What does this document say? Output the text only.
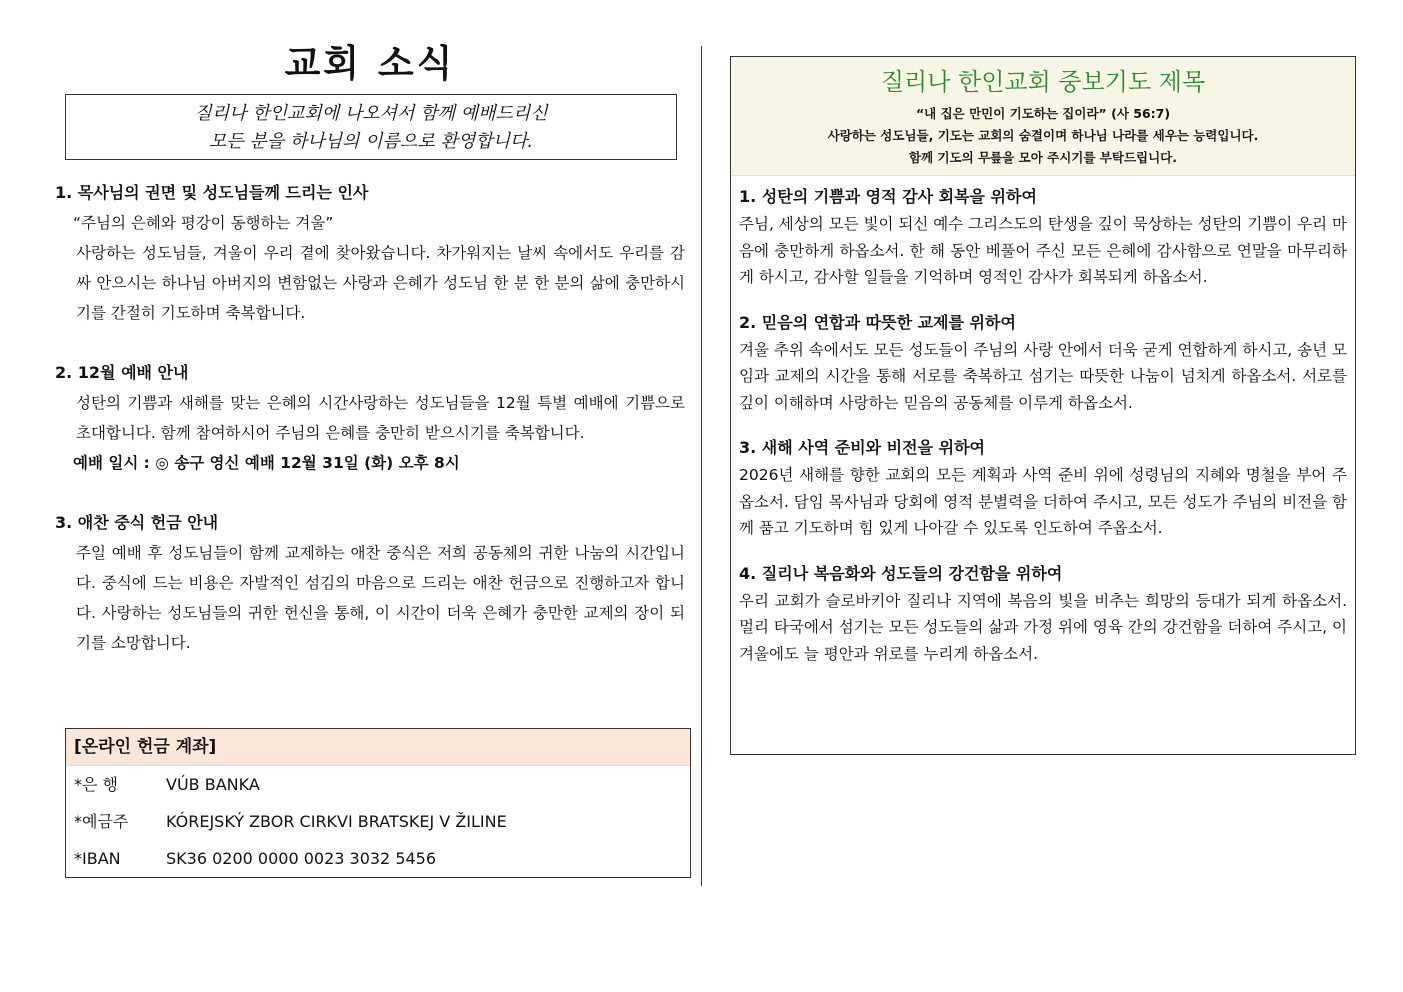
교회 소식
질리나 한인교회에 나오셔서 함께 예배드리신
모든 분을 하나님의 이름으로 환영합니다.
1. 목사님의 권면 및 성도님들께 드리는 인사
“주님의 은혜와 평강이 동행하는 겨울”
사랑하는 성도님들, 겨울이 우리 곁에 찾아왔습니다. 차가워지는 날씨 속에서도 우리를 감싸 안으시는 하나님 아버지의 변함없는 사랑과 은혜가 성도님 한 분 한 분의 삶에 충만하시기를 간절히 기도하며 축복합니다.
2. 12월 예배 안내
성탄의 기쁨과 새해를 맞는 은혜의 시간사랑하는 성도님들을 12월 특별 예배에 기쁨으로 초대합니다. 함께 참여하시어 주님의 은혜를 충만히 받으시기를 축복합니다.
예배 일시 : ◎ 송구 영신 예배 12월 31일 (화) 오후 8시
3. 애찬 중식 헌금 안내
주일 예배 후 성도님들이 함께 교제하는 애찬 중식은 저희 공동체의 귀한 나눔의 시간입니다. 중식에 드는 비용은 자발적인 섬김의 마음으로 드리는 애찬 헌금으로 진행하고자 합니다. 사랑하는 성도님들의 귀한 헌신을 통해, 이 시간이 더욱 은혜가 충만한 교제의 장이 되기를 소망합니다.
[온라인 헌금 계좌]
*은 행	VÚB BANKA
*예금주	KÓREJSKÝ ZBOR CIRKVI BRATSKEJ V ŽILINE
*IBAN	SK36 0200 0000 0023 3032 5456
질리나 한인교회 중보기도 제목
“내 집은 만민이 기도하는 집이라” (사 56:7)
사랑하는 성도님들, 기도는 교회의 숨결이며 하나님 나라를 세우는 능력입니다.
함께 기도의 무릎을 모아 주시기를 부탁드립니다.
1. 성탄의 기쁨과 영적 감사 회복을 위하여
주님, 세상의 모든 빛이 되신 예수 그리스도의 탄생을 깊이 묵상하는 성탄의 기쁨이 우리 마음에 충만하게 하옵소서. 한 해 동안 베풀어 주신 모든 은혜에 감사함으로 연말을 마무리하게 하시고, 감사할 일들을 기억하며 영적인 감사가 회복되게 하옵소서.
2. 믿음의 연합과 따뜻한 교제를 위하여
겨울 추위 속에서도 모든 성도들이 주님의 사랑 안에서 더욱 굳게 연합하게 하시고, 송년 모임과 교제의 시간을 통해 서로를 축복하고 섬기는 따뜻한 나눔이 넘치게 하옵소서. 서로를 깊이 이해하며 사랑하는 믿음의 공동체를 이루게 하옵소서.
3. 새해 사역 준비와 비전을 위하여
2026년 새해를 향한 교회의 모든 계획과 사역 준비 위에 성령님의 지혜와 명철을 부어 주옵소서. 담임 목사님과 당회에 영적 분별력을 더하여 주시고, 모든 성도가 주님의 비전을 함께 품고 기도하며 힘 있게 나아갈 수 있도록 인도하여 주옵소서.
4. 질리나 복음화와 성도들의 강건함을 위하여
우리 교회가 슬로바키아 질리나 지역에 복음의 빛을 비추는 희망의 등대가 되게 하옵소서. 멀리 타국에서 섬기는 모든 성도들의 삶과 가정 위에 영육 간의 강건함을 더하여 주시고, 이 겨울에도 늘 평안과 위로를 누리게 하옵소서.
